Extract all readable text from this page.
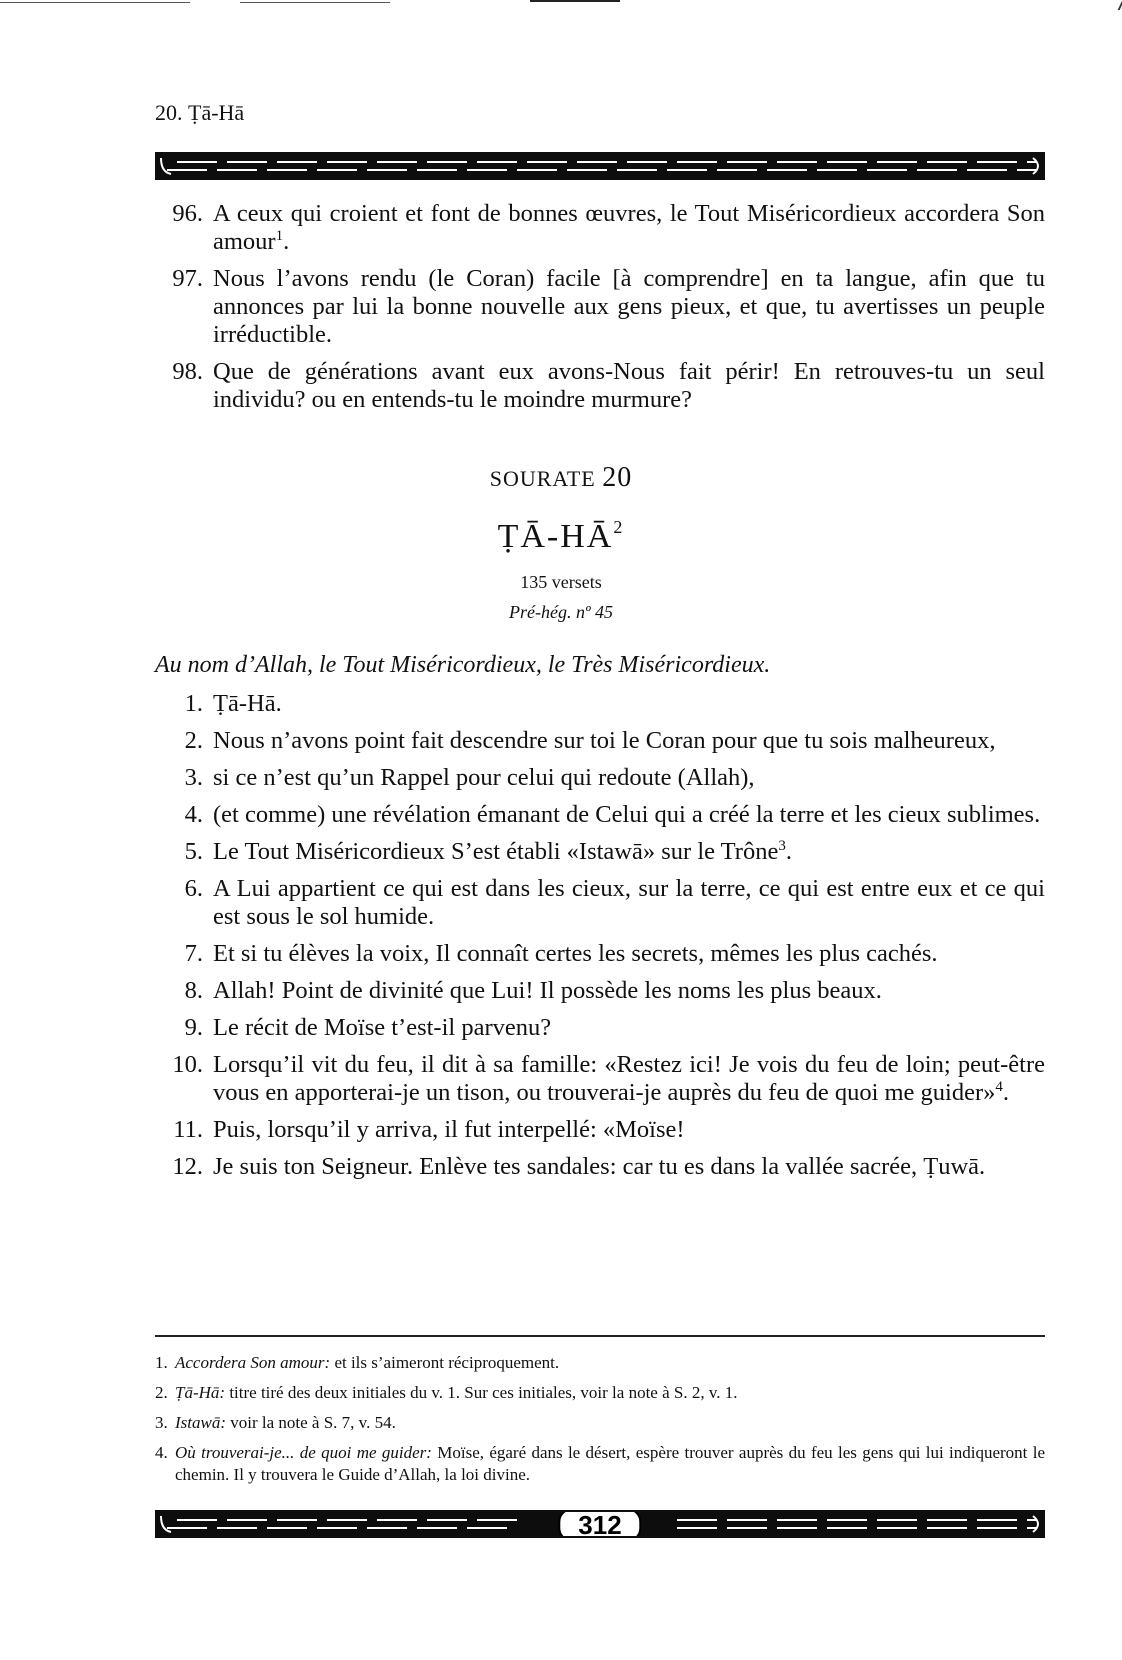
20. Ṭā-Hā
96. A ceux qui croient et font de bonnes œuvres, le Tout Miséricordieux accordera Son amour$^1$.
97. Nous l’avons rendu (le Coran) facile [à comprendre] en ta langue, afin que tu annonces par lui la bonne nouvelle aux gens pieux, et que, tu avertisses un peuple irréductible.
98. Que de générations avant eux avons-Nous fait périr! En retrouves-tu un seul individu? ou en entends-tu le moindre murmure?
SOURATE 20
$ṬĀ-HĀ^2$
135 versets
Pré-hég. nº 45
Au nom d’Allah, le Tout Miséricordieux, le Très Miséricordieux.
1. Ṭā-Hā.
2. Nous n’avons point fait descendre sur toi le Coran pour que tu sois malheureux,
3. si ce n’est qu’un Rappel pour celui qui redoute (Allah),
4. (et comme) une révélation émanant de Celui qui a créé la terre et les cieux sublimes.
5. Le Tout Miséricordieux S’est établi «Istawā» sur le Trône$^3$.
6. A Lui appartient ce qui est dans les cieux, sur la terre, ce qui est entre eux et ce qui est sous le sol humide.
7. Et si tu élèves la voix, Il connaît certes les secrets, mêmes les plus cachés.
8. Allah! Point de divinité que Lui! Il possède les noms les plus beaux.
9. Le récit de Moïse t’est-il parvenu?
10. Lorsqu’il vit du feu, il dit à sa famille: «Restez ici! Je vois du feu de loin; peut-être vous en apporterai-je un tison, ou trouverai-je auprès du feu de quoi me guider»$^4$.
11. Puis, lorsqu’il y arriva, il fut interpellé: «Moïse!
12. Je suis ton Seigneur. Enlève tes sandales: car tu es dans la vallée sacrée, Ṭuwā.
1. Accordera Son amour: et ils s’aimeront réciproquement.
2. Ṭā-Hā: titre tiré des deux initiales du v. 1. Sur ces initiales, voir la note à S. 2, v. 1.
3. Istawā: voir la note à S. 7, v. 54.
4. Où trouverai-je... de quoi me guider: Moïse, égaré dans le désert, espère trouver auprès du feu les gens qui lui indiqueront le chemin. Il y trouvera le Guide d’Allah, la loi divine.
312
